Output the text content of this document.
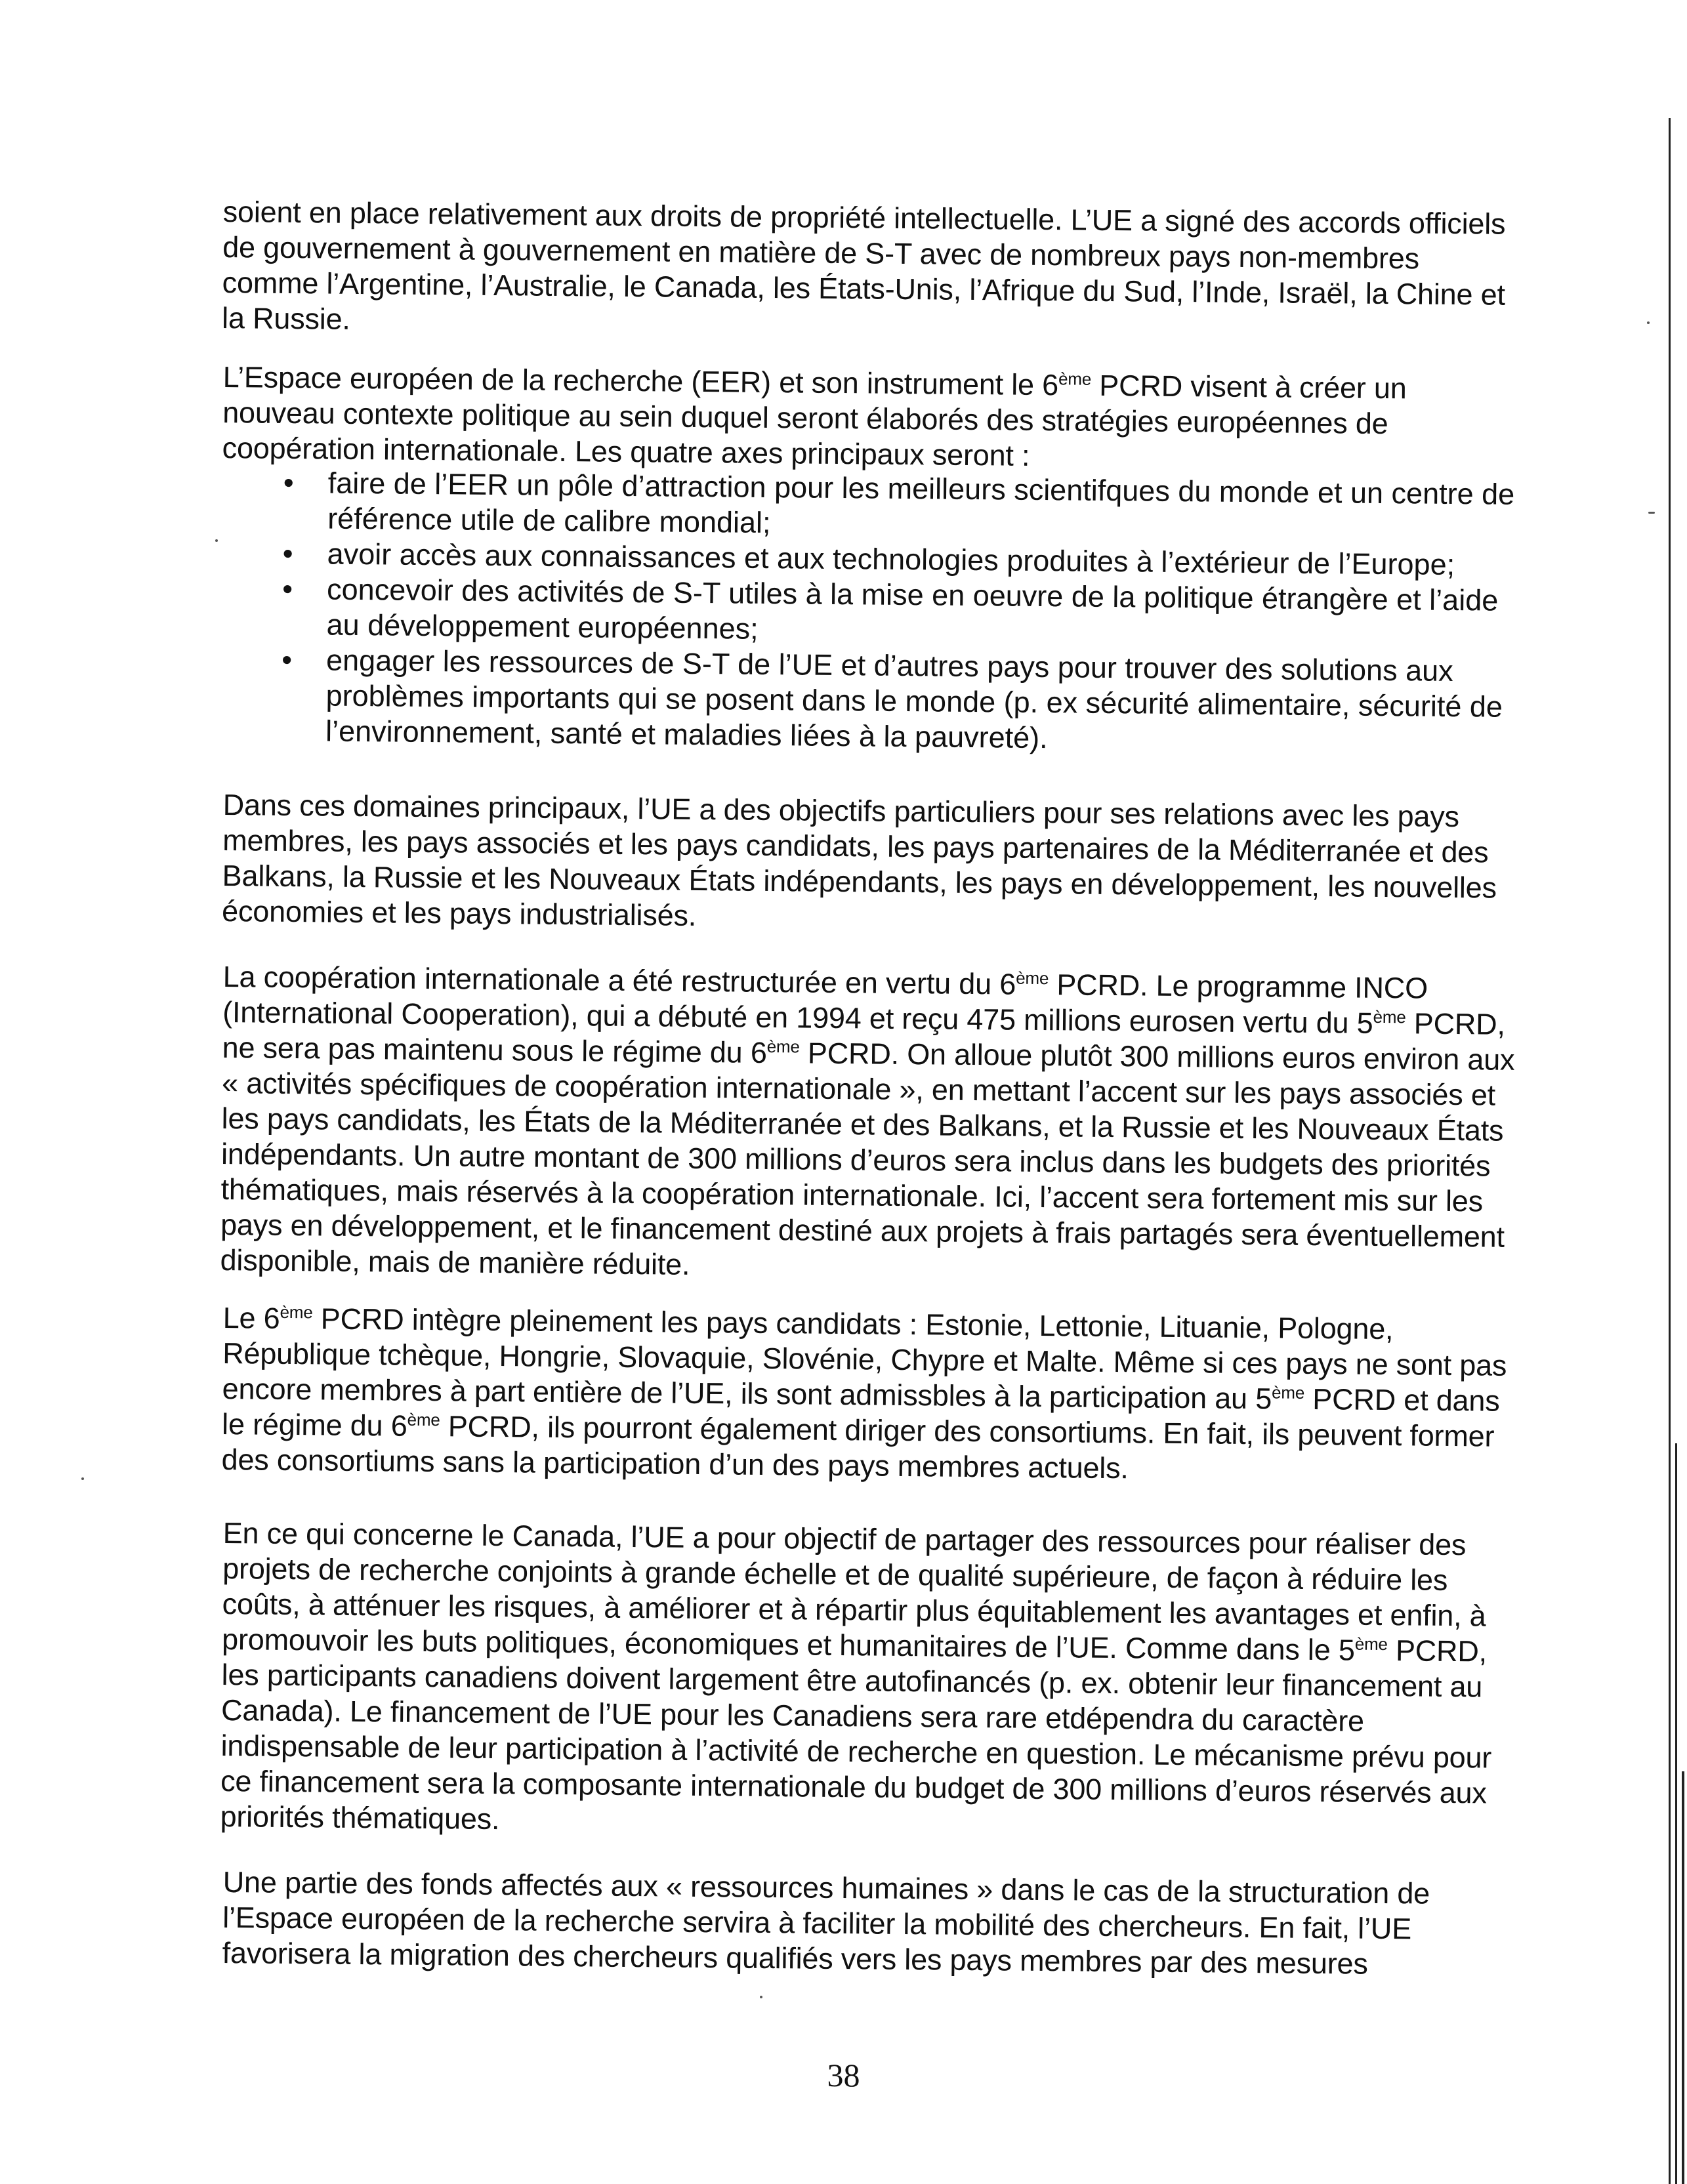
soient en place relativement aux droits de propriété intellectuelle. L’UE a signé des accords officiels de gouvernement à gouvernement en matière de S-T avec de nombreux pays non-membres comme l’Argentine, l’Australie, le Canada, les États-Unis, l’Afrique du Sud, l’Inde, Israël, la Chine et la Russie.

L’Espace européen de la recherche (EER) et son instrument le 6ème PCRD visent à créer un nouveau contexte politique au sein duquel seront élaborés des stratégies européennes de coopération internationale. Les quatre axes principaux seront :

• faire de l’EER un pôle d’attraction pour les meilleurs scientifques du monde et un centre de référence utile de calibre mondial;
• avoir accès aux connaissances et aux technologies produites à l’extérieur de l’Europe;
• concevoir des activités de S-T utiles à la mise en oeuvre de la politique étrangère et l’aide au développement européennes;
• engager les ressources de S-T de l’UE et d’autres pays pour trouver des solutions aux problèmes importants qui se posent dans le monde (p. ex sécurité alimentaire, sécurité de l’environnement, santé et maladies liées à la pauvreté).

Dans ces domaines principaux, l’UE a des objectifs particuliers pour ses relations avec les pays membres, les pays associés et les pays candidats, les pays partenaires de la Méditerranée et des Balkans, la Russie et les Nouveaux États indépendants, les pays en développement, les nouvelles économies et les pays industrialisés.

La coopération internationale a été restructurée en vertu du 6ème PCRD. Le programme INCO (International Cooperation), qui a débuté en 1994 et reçu 475 millions eurosen vertu du 5ème PCRD, ne sera pas maintenu sous le régime du 6ème PCRD. On alloue plutôt 300 millions euros environ aux « activités spécifiques de coopération internationale », en mettant l’accent sur les pays associés et les pays candidats, les États de la Méditerranée et des Balkans, et la Russie et les Nouveaux États indépendants. Un autre montant de 300 millions d’euros sera inclus dans les budgets des priorités thématiques, mais réservés à la coopération internationale. Ici, l’accent sera fortement mis sur les pays en développement, et le financement destiné aux projets à frais partagés sera éventuellement disponible, mais de manière réduite.

Le 6ème PCRD intègre pleinement les pays candidats : Estonie, Lettonie, Lituanie, Pologne, République tchèque, Hongrie, Slovaquie, Slovénie, Chypre et Malte. Même si ces pays ne sont pas encore membres à part entière de l’UE, ils sont admissbles à la participation au 5ème PCRD et dans le régime du 6ème PCRD, ils pourront également diriger des consortiums. En fait, ils peuvent former des consortiums sans la participation d’un des pays membres actuels.

En ce qui concerne le Canada, l’UE a pour objectif de partager des ressources pour réaliser des projets de recherche conjoints à grande échelle et de qualité supérieure, de façon à réduire les coûts, à atténuer les risques, à améliorer et à répartir plus équitablement les avantages et enfin, à promouvoir les buts politiques, économiques et humanitaires de l’UE. Comme dans le 5ème PCRD, les participants canadiens doivent largement être autofinancés (p. ex. obtenir leur financement au Canada). Le financement de l’UE pour les Canadiens sera rare etdépendra du caractère indispensable de leur participation à l’activité de recherche en question. Le mécanisme prévu pour ce financement sera la composante internationale du budget de 300 millions d’euros réservés aux priorités thématiques.

Une partie des fonds affectés aux « ressources humaines » dans le cas de la structuration de l’Espace européen de la recherche servira à faciliter la mobilité des chercheurs. En fait, l’UE favorisera la migration des chercheurs qualifiés vers les pays membres par des mesures

38
